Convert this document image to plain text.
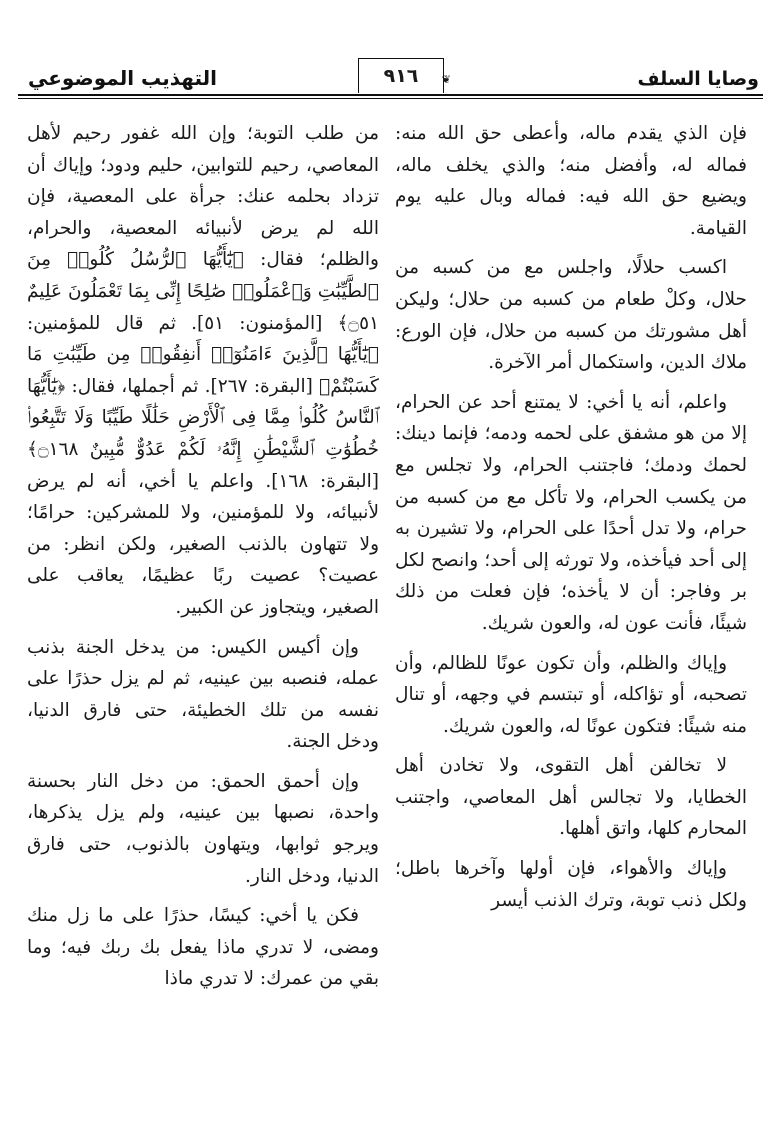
وصايا السلف
٩١٦ ❦
التهذيب الموضوعي

فإن الذي يقدم ماله، وأعطى حق الله منه: فماله له، وأفضل منه؛ والذي يخلف ماله، ويضيع حق الله فيه: فماله وبال عليه يوم القيامة.

اكسب حلالًا، واجلس مع من كسبه من حلال، وكلْ طعام من كسبه من حلال؛ وليكن أهل مشورتك من كسبه من حلال، فإن الورع: ملاك الدين، واستكمال أمر الآخرة.

واعلم، أنه يا أخي: لا يمتنع أحد عن الحرام، إلا من هو مشفق على لحمه ودمه؛ فإنما دينك: لحمك ودمك؛ فاجتنب الحرام، ولا تجلس مع من يكسب الحرام، ولا تأكل مع من كسبه من حرام، ولا تدل أحدًا على الحرام، ولا تشيرن به إلى أحد فيأخذه، ولا تورثه إلى أحد؛ وانصح لكل بر وفاجر: أن لا يأخذه؛ فإن فعلت من ذلك شيئًا، فأنت عون له، والعون شريك.

وإياك والظلم، وأن تكون عونًا للظالم، وأن تصحبه، أو تؤاكله، أو تبتسم في وجهه، أو تنال منه شيئًا: فتكون عونًا له، والعون شريك.

لا تخالفن أهل التقوى، ولا تخادن أهل الخطايا، ولا تجالس أهل المعاصي، واجتنب المحارم كلها، واتق أهلها.

وإياك والأهواء، فإن أولها وآخرها باطل؛ ولكل ذنب توبة، وترك الذنب أيسر

من طلب التوبة؛ وإن الله غفور رحيم لأهل المعاصي، رحيم للتوابين، حليم ودود؛ وإياك أن تزداد بحلمه عنك: جرأة على المعصية، فإن الله لم يرض لأنبيائه المعصية، والحرام، والظلم؛ فقال: ﴿يَٰٓأَيُّهَا ٱلرُّسُلُ كُلُوا۟ مِنَ ٱلطَّيِّبَٰتِ وَٱعْمَلُوا۟ صَٰلِحًا إِنِّى بِمَا تَعْمَلُونَ عَلِيمٌ ۝٥١﴾ [المؤمنون: ٥١]. ثم قال للمؤمنين: ﴿يَٰٓأَيُّهَا ٱلَّذِينَ ءَامَنُوٓا۟ أَنفِقُوا۟ مِن طَيِّبَٰتِ مَا كَسَبْتُمْ﴾ [البقرة: ٢٦٧]. ثم أجملها، فقال: ﴿يَٰٓأَيُّهَا ٱلنَّاسُ كُلُوا۟ مِمَّا فِى ٱلْأَرْضِ حَلَٰلًا طَيِّبًا وَلَا تَتَّبِعُوا۟ خُطُوَٰتِ ٱلشَّيْطَٰنِ إِنَّهُۥ لَكُمْ عَدُوٌّ مُّبِينٌ ۝١٦٨﴾ [البقرة: ١٦٨]. واعلم يا أخي، أنه لم يرض لأنبيائه، ولا للمؤمنين، ولا للمشركين: حرامًا؛ ولا تتهاون بالذنب الصغير، ولكن انظر: من عصيت؟ عصيت ربًا عظيمًا، يعاقب على الصغير، ويتجاوز عن الكبير.

وإن أكيس الكيس: من يدخل الجنة بذنب عمله، فنصبه بين عينيه، ثم لم يزل حذرًا على نفسه من تلك الخطيئة، حتى فارق الدنيا، ودخل الجنة.

وإن أحمق الحمق: من دخل النار بحسنة واحدة، نصبها بين عينيه، ولم يزل يذكرها، ويرجو ثوابها، ويتهاون بالذنوب، حتى فارق الدنيا، ودخل النار.

فكن يا أخي: كيسًا، حذرًا على ما زل منك ومضى، لا تدري ماذا يفعل بك ربك فيه؛ وما بقي من عمرك: لا تدري ماذا
